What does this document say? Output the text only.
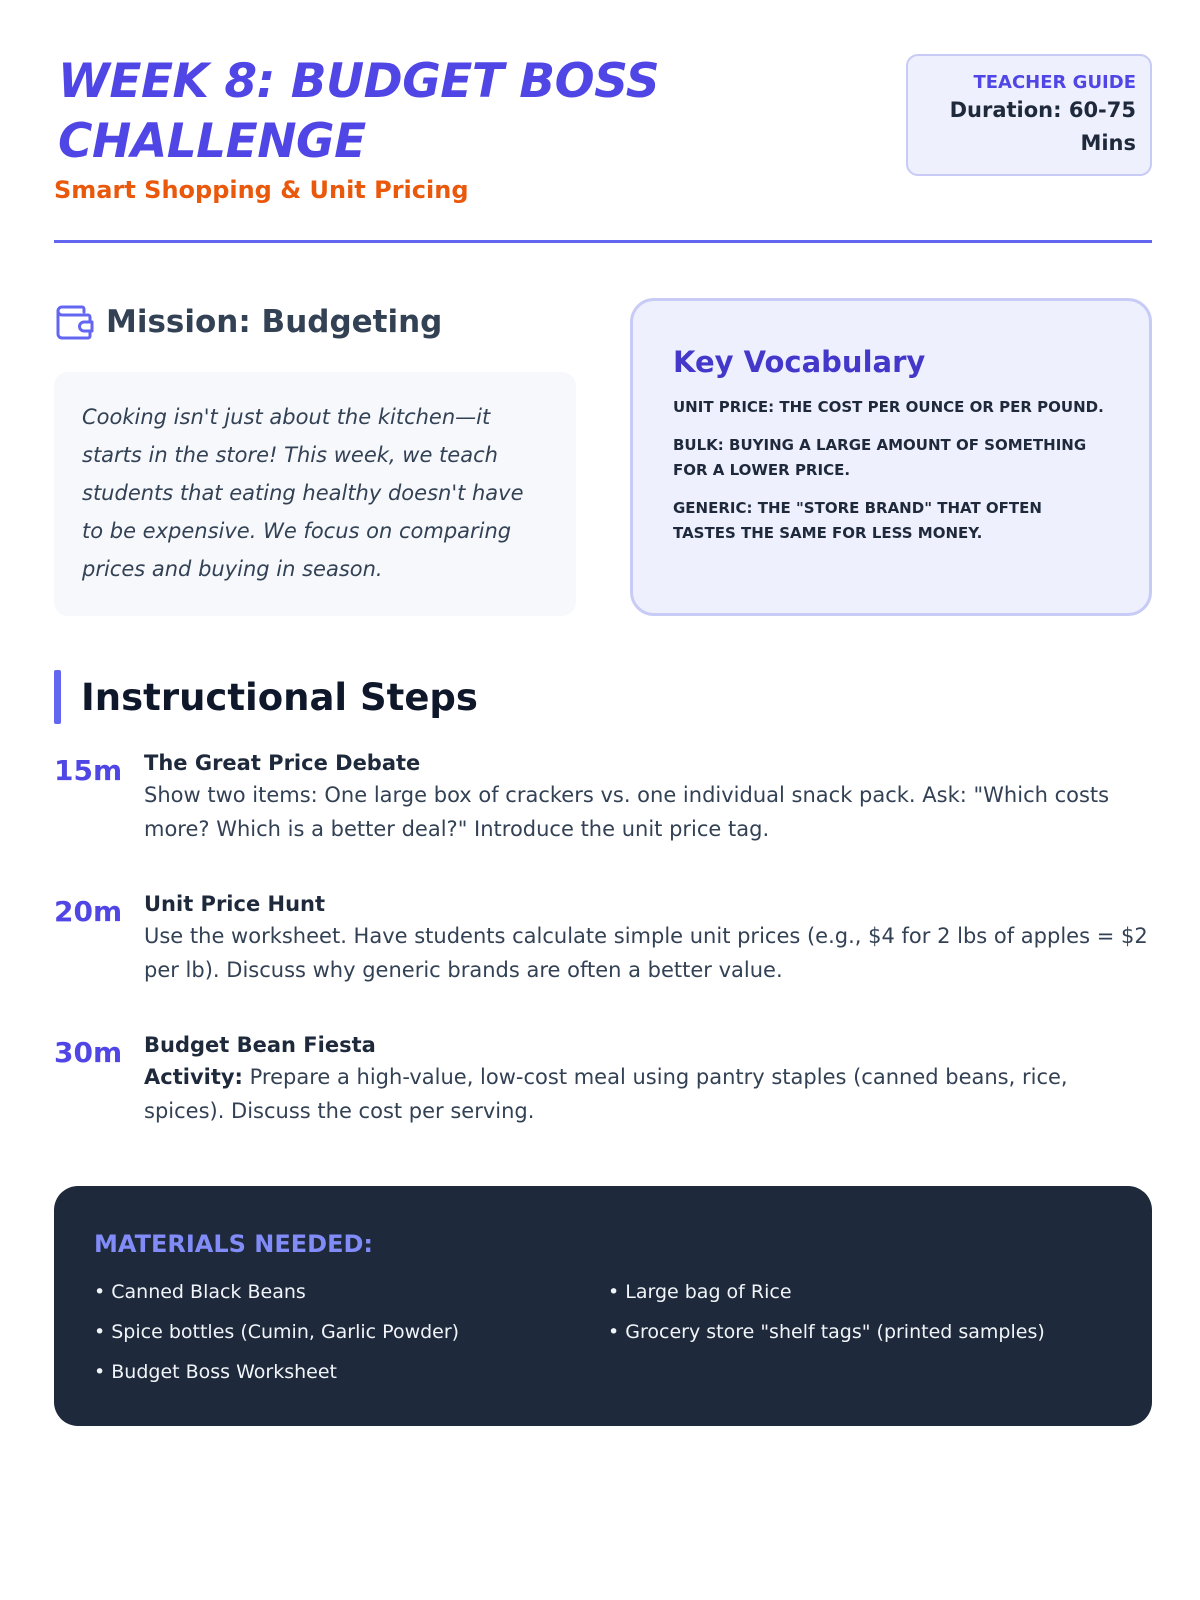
WEEK 8: BUDGET BOSS CHALLENGE
Smart Shopping & Unit Pricing
TEACHER GUIDE
Duration: 60-75 Mins
Mission: Budgeting

Cooking isn't just about the kitchen—it starts in the store! This week, we teach students that eating healthy doesn't have to be expensive. We focus on comparing prices and buying in season.

Key Vocabulary
UNIT PRICE: THE COST PER OUNCE OR PER POUND.
BULK: BUYING A LARGE AMOUNT OF SOMETHING FOR A LOWER PRICE.
GENERIC: THE "STORE BRAND" THAT OFTEN TASTES THE SAME FOR LESS MONEY.
Instructional Steps
15m The Great Price Debate
Show two items: One large box of crackers vs. one individual snack pack. Ask: "Which costs more? Which is a better deal?" Introduce the unit price tag.
20m Unit Price Hunt
Use the worksheet. Have students calculate simple unit prices (e.g., $4 for 2 lbs of apples = $2 per lb). Discuss why generic brands are often a better value.
30m Budget Bean Fiesta
Activity: Prepare a high-value, low-cost meal using pantry staples (canned beans, rice, spices). Discuss the cost per serving.
MATERIALS NEEDED:
• Canned Black Beans	• Large bag of Rice
• Spice bottles (Cumin, Garlic Powder)	• Grocery store "shelf tags" (printed samples)
• Budget Boss Worksheet
